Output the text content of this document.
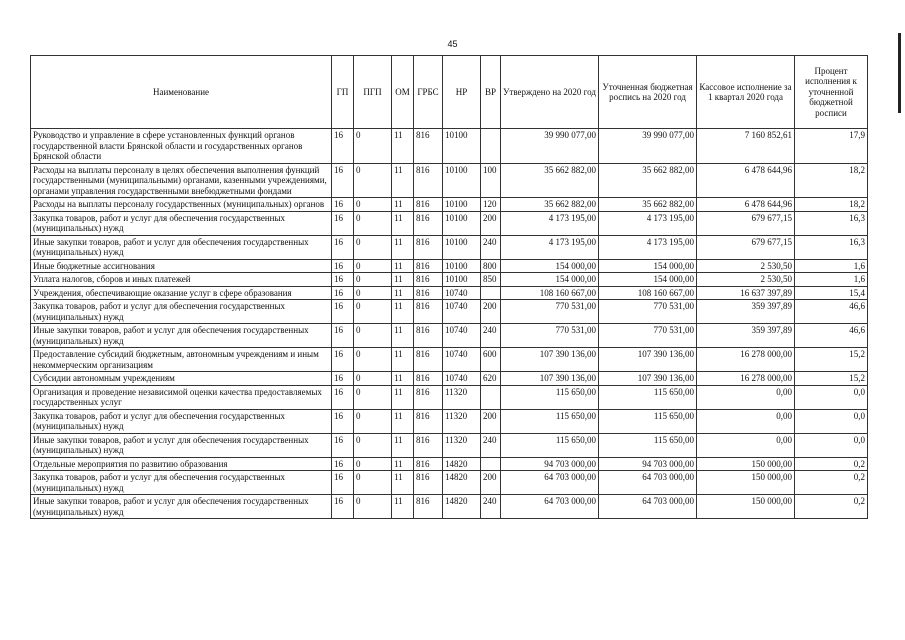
45
Наименование	ГП	ПГП	ОМ	ГРБС	НР	ВР	Утверждено на 2020 год	Уточненная бюджетная роспись на 2020 год	Кассовое исполнение за 1 квартал 2020 года	Процент исполнения к уточненной бюджетной росписи
Руководство и управление в сфере установленных функций органов государственной власти Брянской области и государственных органов Брянской области	16	0	11	816	10100		39 990 077,00	39 990 077,00	7 160 852,61	17,9
Расходы на выплаты персоналу в целях обеспечения выполнения функций государственными (муниципальными) органами, казенными учреждениями, органами управления государственными внебюджетными фондами	16	0	11	816	10100	100	35 662 882,00	35 662 882,00	6 478 644,96	18,2
Расходы на выплаты персоналу государственных (муниципальных) органов	16	0	11	816	10100	120	35 662 882,00	35 662 882,00	6 478 644,96	18,2
Закупка товаров, работ и услуг для обеспечения государственных (муниципальных) нужд	16	0	11	816	10100	200	4 173 195,00	4 173 195,00	679 677,15	16,3
Иные закупки товаров, работ и услуг для обеспечения государственных (муниципальных) нужд	16	0	11	816	10100	240	4 173 195,00	4 173 195,00	679 677,15	16,3
Иные бюджетные ассигнования	16	0	11	816	10100	800	154 000,00	154 000,00	2 530,50	1,6
Уплата налогов, сборов и иных платежей	16	0	11	816	10100	850	154 000,00	154 000,00	2 530,50	1,6
Учреждения, обеспечивающие оказание услуг в сфере образования	16	0	11	816	10740		108 160 667,00	108 160 667,00	16 637 397,89	15,4
Закупка товаров, работ и услуг для обеспечения государственных (муниципальных) нужд	16	0	11	816	10740	200	770 531,00	770 531,00	359 397,89	46,6
Иные закупки товаров, работ и услуг для обеспечения государственных (муниципальных) нужд	16	0	11	816	10740	240	770 531,00	770 531,00	359 397,89	46,6
Предоставление субсидий бюджетным, автономным учреждениям и иным некоммерческим организациям	16	0	11	816	10740	600	107 390 136,00	107 390 136,00	16 278 000,00	15,2
Субсидии автономным учреждениям	16	0	11	816	10740	620	107 390 136,00	107 390 136,00	16 278 000,00	15,2
Организация и проведение независимой оценки качества предоставляемых государственных услуг	16	0	11	816	11320		115 650,00	115 650,00	0,00	0,0
Закупка товаров, работ и услуг для обеспечения государственных (муниципальных) нужд	16	0	11	816	11320	200	115 650,00	115 650,00	0,00	0,0
Иные закупки товаров, работ и услуг для обеспечения государственных (муниципальных) нужд	16	0	11	816	11320	240	115 650,00	115 650,00	0,00	0,0
Отдельные мероприятия по развитию образования	16	0	11	816	14820		94 703 000,00	94 703 000,00	150 000,00	0,2
Закупка товаров, работ и услуг для обеспечения государственных (муниципальных) нужд	16	0	11	816	14820	200	64 703 000,00	64 703 000,00	150 000,00	0,2
Иные закупки товаров, работ и услуг для обеспечения государственных (муниципальных) нужд	16	0	11	816	14820	240	64 703 000,00	64 703 000,00	150 000,00	0,2
